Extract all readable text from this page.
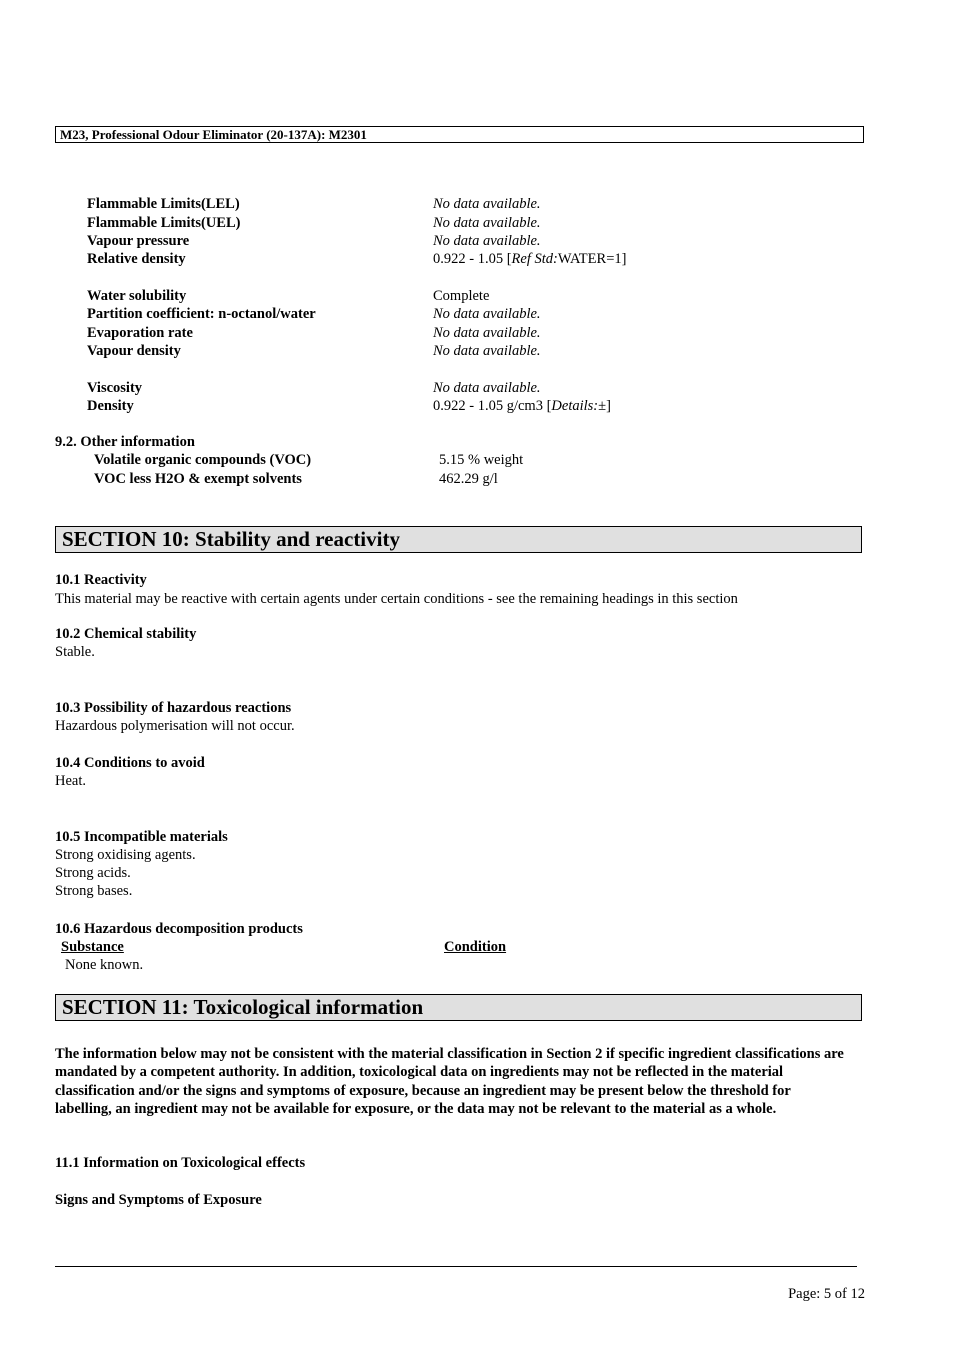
M23, Professional Odour Eliminator (20-137A): M2301
Flammable Limits(LEL)	No data available.
Flammable Limits(UEL)	No data available.
Vapour pressure	No data available.
Relative density	0.922 - 1.05 [Ref Std:WATER=1]
Water solubility	Complete
Partition coefficient: n-octanol/water	No data available.
Evaporation rate	No data available.
Vapour density	No data available.
Viscosity	No data available.
Density	0.922 - 1.05 g/cm3 [Details:±]
9.2. Other information
Volatile organic compounds (VOC)	5.15 % weight
VOC less H2O & exempt solvents	462.29 g/l
SECTION 10: Stability and reactivity
10.1 Reactivity
This material may be reactive with certain agents under certain conditions - see the remaining headings in this section
10.2 Chemical stability
Stable.
10.3 Possibility of hazardous reactions
Hazardous polymerisation will not occur.
10.4 Conditions to avoid
Heat.
10.5 Incompatible materials
Strong oxidising agents.
Strong acids.
Strong bases.
10.6 Hazardous decomposition products
Substance	Condition
None known.
SECTION 11: Toxicological information
The information below may not be consistent with the material classification in Section 2 if specific ingredient classifications are mandated by a competent authority. In addition, toxicological data on ingredients may not be reflected in the material classification and/or the signs and symptoms of exposure, because an ingredient may be present below the threshold for labelling, an ingredient may not be available for exposure, or the data may not be relevant to the material as a whole.
11.1 Information on Toxicological effects
Signs and Symptoms of Exposure
Page: 5 of 12
